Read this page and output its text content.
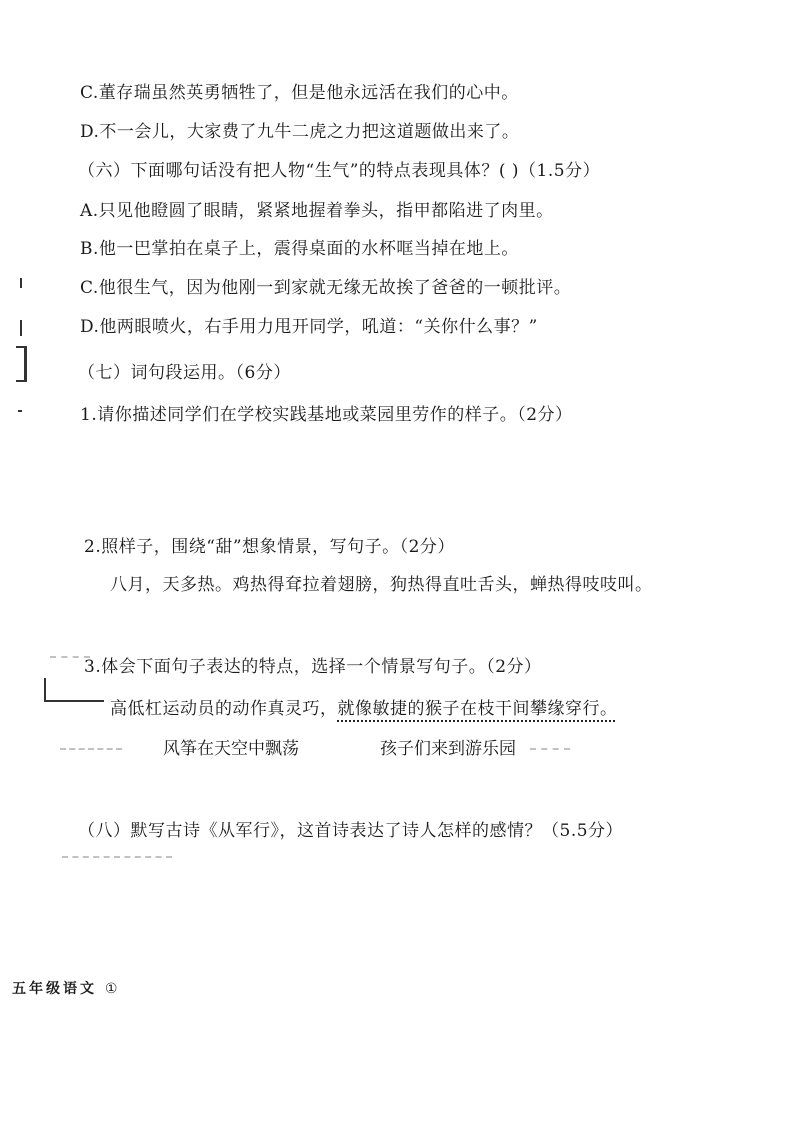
C.董存瑞虽然英勇牺牲了，但是他永远活在我们的心中。
D.不一会儿，大家费了九牛二虎之力把这道题做出来了。
（六）下面哪句话没有把人物“生气”的特点表现具体？( )（1.5分）
A.只见他瞪圆了眼睛，紧紧地握着拳头，指甲都陷进了肉里。
B.他一巴掌拍在桌子上，震得桌面的水杯哐当掉在地上。
C.他很生气，因为他刚一到家就无缘无故挨了爸爸的一顿批评。
D.他两眼喷火，右手用力甩开同学，吼道：“关你什么事？”
（七）词句段运用。（6分）
1.请你描述同学们在学校实践基地或菜园里劳作的样子。（2分）
2.照样子，围绕“甜”想象情景，写句子。（2分）
八月，天多热。鸡热得耷拉着翅膀，狗热得直吐舌头，蝉热得吱吱叫。
3.体会下面句子表达的特点，选择一个情景写句子。（2分）
高低杠运动员的动作真灵巧，就像敏捷的猴子在枝干间攀缘穿行。
风筝在天空中飘荡	孩子们来到游乐园
（八）默写古诗《从军行》，这首诗表达了诗人怎样的感情？（5.5分）
五年级语文 ①
